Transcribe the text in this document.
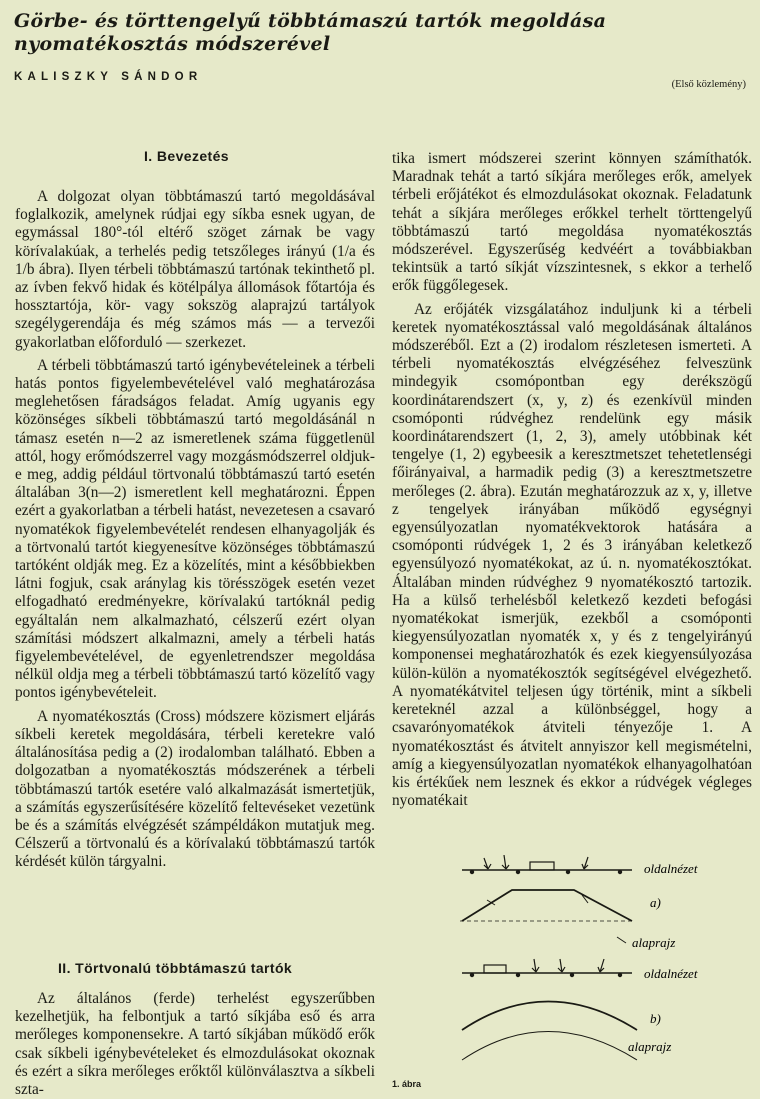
Görbe- és törttengelyű többtámaszú tartók megoldása nyomatékosztás módszerével
KALISZKY SÁNDOR
(Első közlemény)
I. Bevezetés

A dolgozat olyan többtámaszú tartó megoldásával foglalkozik, amelynek rúdjai egy síkba esnek ugyan, de egymással 180°-tól eltérő szöget zárnak be vagy körívalakúak, a terhelés pedig tetszőleges irányú (1/a és 1/b ábra). Ilyen térbeli többtámaszú tartónak tekinthető pl. az ívben fekvő hidak és kötélpálya állomások főtartója és hossztartója, kör- vagy sokszög alaprajzú tartályok szegélygerendája és még számos más — a tervezői gyakorlatban előforduló — szerkezet.

A térbeli többtámaszú tartó igénybevételeinek a térbeli hatás pontos figyelembevételével való meghatározása meglehetősen fáradságos feladat. Amíg ugyanis egy közönséges síkbeli többtámaszú tartó megoldásánál n támasz esetén n—2 az ismeretlenek száma függetlenül attól, hogy erőmódszerrel vagy mozgásmódszerrel oldjuk-e meg, addig például törtvonalú többtámaszú tartó esetén általában 3(n—2) ismeretlent kell meghatározni. Éppen ezért a gyakorlatban a térbeli hatást, nevezetesen a csavaró nyomatékok figyelembevételét rendesen elhanyagolják és a törtvonalú tartót kiegyenesítve közönséges többtámaszú tartóként oldják meg. Ez a közelítés, mint a későbbiekben látni fogjuk, csak aránylag kis törésszögek esetén vezet elfogadható eredményekre, körívalakú tartóknál pedig egyáltalán nem alkalmazható, célszerű ezért olyan számítási módszert alkalmazni, amely a térbeli hatás figyelembevételével, de egyenletrendszer megoldása nélkül oldja meg a térbeli többtámaszú tartó közelítő vagy pontos igénybevételeit.

A nyomatékosztás (Cross) módszere közismert eljárás síkbeli keretek megoldására, térbeli keretekre való általánosítása pedig a (2) irodalomban található. Ebben a dolgozatban a nyomatékosztás módszerének a térbeli többtámaszú tartók esetére való alkalmazását ismertetjük, a számítás egyszerűsítésére közelítő feltevéseket vezetünk be és a számítás elvégzését számpéldákon mutatjuk meg. Célszerű a törtvonalú és a körívalakú többtámaszú tartók kérdését külön tárgyalni.

II. Törtvonalú többtámaszú tartók

Az általános (ferde) terhelést egyszerűbben kezelhetjük, ha felbontjuk a tartó síkjába eső és arra merőleges komponensekre. A tartó síkjában működő erők csak síkbeli igénybevételeket és elmozdulásokat okoznak és ezért a síkra merőleges erőktől különválasztva a síkbeli szta-

tika ismert módszerei szerint könnyen számíthatók. Maradnak tehát a tartó síkjára merőleges erők, amelyek térbeli erőjátékot és elmozdulásokat okoznak. Feladatunk tehát a síkjára merőleges erőkkel terhelt törttengelyű többtámaszú tartó megoldása nyomatékosztás módszerével. Egyszerűség kedvéért a továbbiakban tekintsük a tartó síkját vízszintesnek, s ekkor a terhelő erők függőlegesek.

Az erőjáték vizsgálatához induljunk ki a térbeli keretek nyomatékosztással való megoldásának általános módszeréből. Ezt a (2) irodalom részletesen ismerteti. A térbeli nyomatékosztás elvégzéséhez felveszünk mindegyik csomópontban egy derékszögű koordinátarendszert (x, y, z) és ezenkívül minden csomóponti rúdvéghez rendelünk egy másik koordinátarendszert (1, 2, 3), amely utóbbinak két tengelye (1, 2) egybeesik a keresztmetszet tehetetlenségi főirányaival, a harmadik pedig (3) a keresztmetszetre merőleges (2. ábra). Ezután meghatározzuk az x, y, illetve z tengelyek irányában működő egységnyi egyensúlyozatlan nyomatékvektorok hatására a csomóponti rúdvégek 1, 2 és 3 irányában keletkező egyensúlyozó nyomatékokat, az ú. n. nyomatékosztókat. Általában minden rúdvéghez 9 nyomatékosztó tartozik. Ha a külső terhelésből keletkező kezdeti befogási nyomatékokat ismerjük, ezekből a csomóponti kiegyensúlyozatlan nyomaték x, y és z tengelyirányú komponensei meghatározhatók és ezek kiegyensúlyozása külön-külön a nyomatékosztók segítségével elvégezhető. A nyomatékátvitel teljesen úgy történik, mint a síkbeli kereteknél azzal a különbséggel, hogy a csavarónyomatékok átviteli tényezője 1. A nyomatékosztást és átvitelt annyiszor kell megismételni, amíg a kiegyensúlyozatlan nyomatékok elhanyagolhatóan kis értékűek nem lesznek és ekkor a rúdvégek végleges nyomatékait

oldalnézet
a)
alaprajz
oldalnézet
b)
alaprajz
1. ábra
